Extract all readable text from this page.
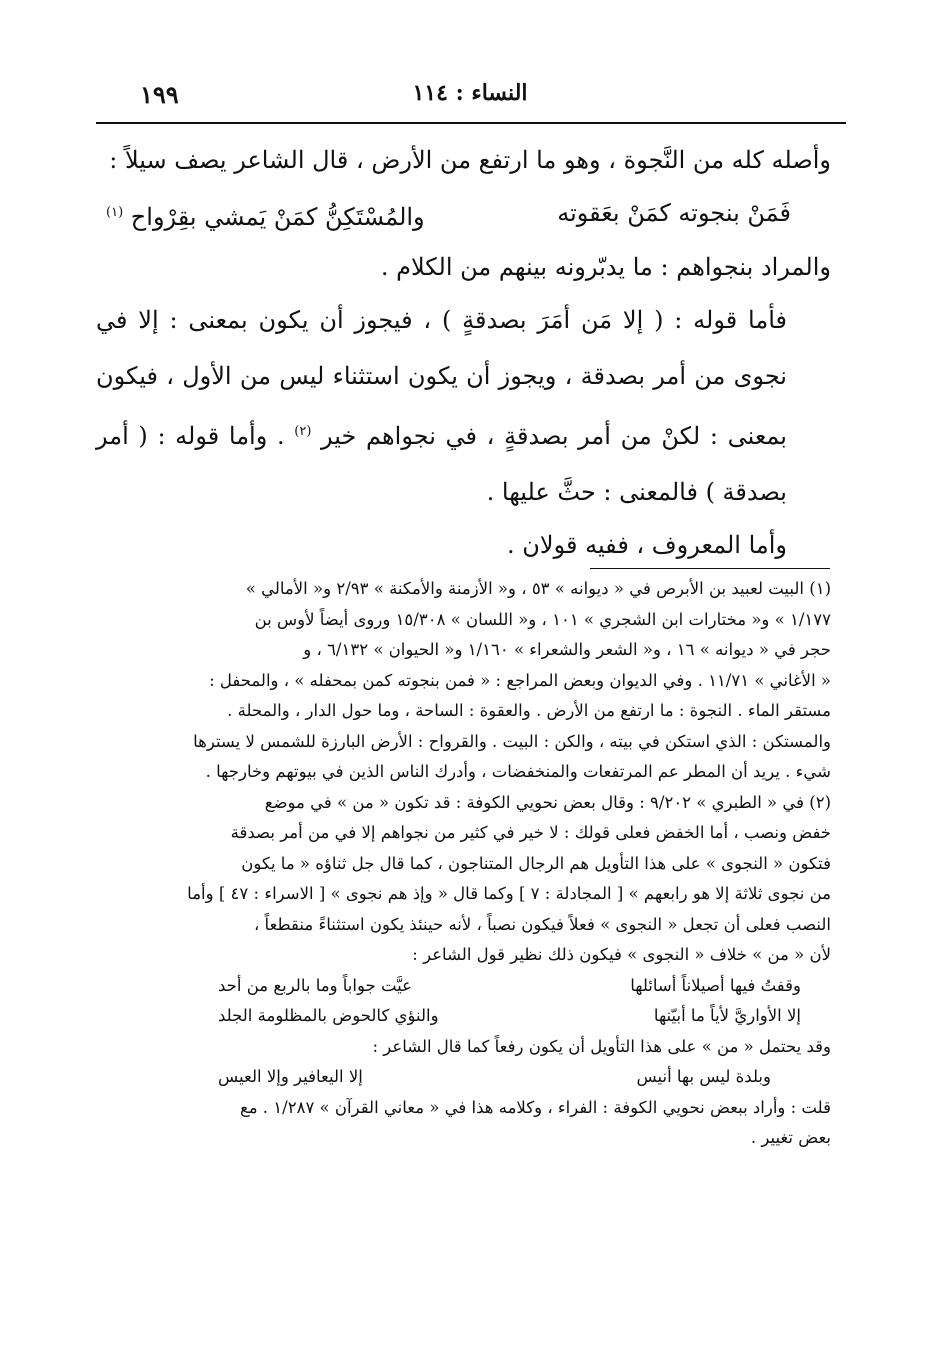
١٩٩	النساء : ١١٤

وأصله كله من النَّجوة ، وهو ما ارتفع من الأرض ، قال الشاعر يصف سيلاً :

فَمَنْ بنجوته كمَنْ بعَقوته
والمُسْتَكِنُّ كمَنْ يَمشي بقِرْواح $^{(١)}$

والمراد بنجواهم : ما يدبّرونه بينهم من الكلام .

فأما قوله : ( إلا مَن أمَرَ بصدقةٍ ) ، فيجوز أن يكون بمعنى : إلا في نجوى من أمر بصدقة ، ويجوز أن يكون استثناء ليس من الأول ، فيكون بمعنى : لكنْ من أمر بصدقةٍ ، في نجواهم خير $^{(٢)}$ . وأما قوله : ( أمر بصدقة ) فالمعنى : حثَّ عليها .

وأما المعروف ، ففيه قولان .

(١) البيت لعبيد بن الأبرص في « ديوانه » ٥٣ ، و« الأزمنة والأمكنة » ٢/٩٣ و« الأمالي »

١/١٧٧ » و« مختارات ابن الشجري » ١٠١ ، و« اللسان » ١٥/٣٠٨ وروى أيضاً لأوس بن

حجر في « ديوانه » ١٦ ، و« الشعر والشعراء » ١/١٦٠ و« الحيوان » ٦/١٣٢ ، و

« الأغاني » ١١/٧١ . وفي الديوان وبعض المراجع : « فمن بنجوته كمن بمحفله » ، والمحفل :

مستقر الماء . النجوة : ما ارتفع من الأرض . والعقوة : الساحة ، وما حول الدار ، والمحلة .

والمستكن : الذي استكن في بيته ، والكن : البيت . والقرواح : الأرض البارزة للشمس لا يسترها

شيء . يريد أن المطر عم المرتفعات والمنخفضات ، وأدرك الناس الذين في بيوتهم وخارجها .

(٢) في « الطبري » ٩/٢٠٢ : وقال بعض نحويي الكوفة : قد تكون « من » في موضع

خفض ونصب ، أما الخفض فعلى قولك : لا خير في كثير من نجواهم إلا في من أمر بصدقة

فتكون « النجوى » على هذا التأويل هم الرجال المتناجون ، كما قال جل ثناؤه « ما يكون

من نجوى ثلاثة إلا هو رابعهم » [ المجادلة : ٧ ] وكما قال « وإذ هم نجوى » [ الاسراء : ٤٧ ] وأما

النصب فعلى أن تجعل « النجوى » فعلاً فيكون نصباً ، لأنه حينئذ يكون استثناءً منقطعاً ،

لأن « من » خلاف « النجوى » فيكون ذلك نظير قول الشاعر :

وقفتُ فيها أصيلاناً أسائلها
عيَّت جواباً وما بالربع من أحد

إلا الأواريَّ لأياً ما أبيّنها
والنؤي كالحوض بالمظلومة الجلد

وقد يحتمل « من » على هذا التأويل أن يكون رفعاً كما قال الشاعر :

وبلدة ليس بها أنيس
إلا اليعافير وإلا العيس

قلت : وأراد ببعض نحويي الكوفة : الفراء ، وكلامه هذا في « معاني القرآن » ١/٢٨٧ . مع

بعض تغيير .
